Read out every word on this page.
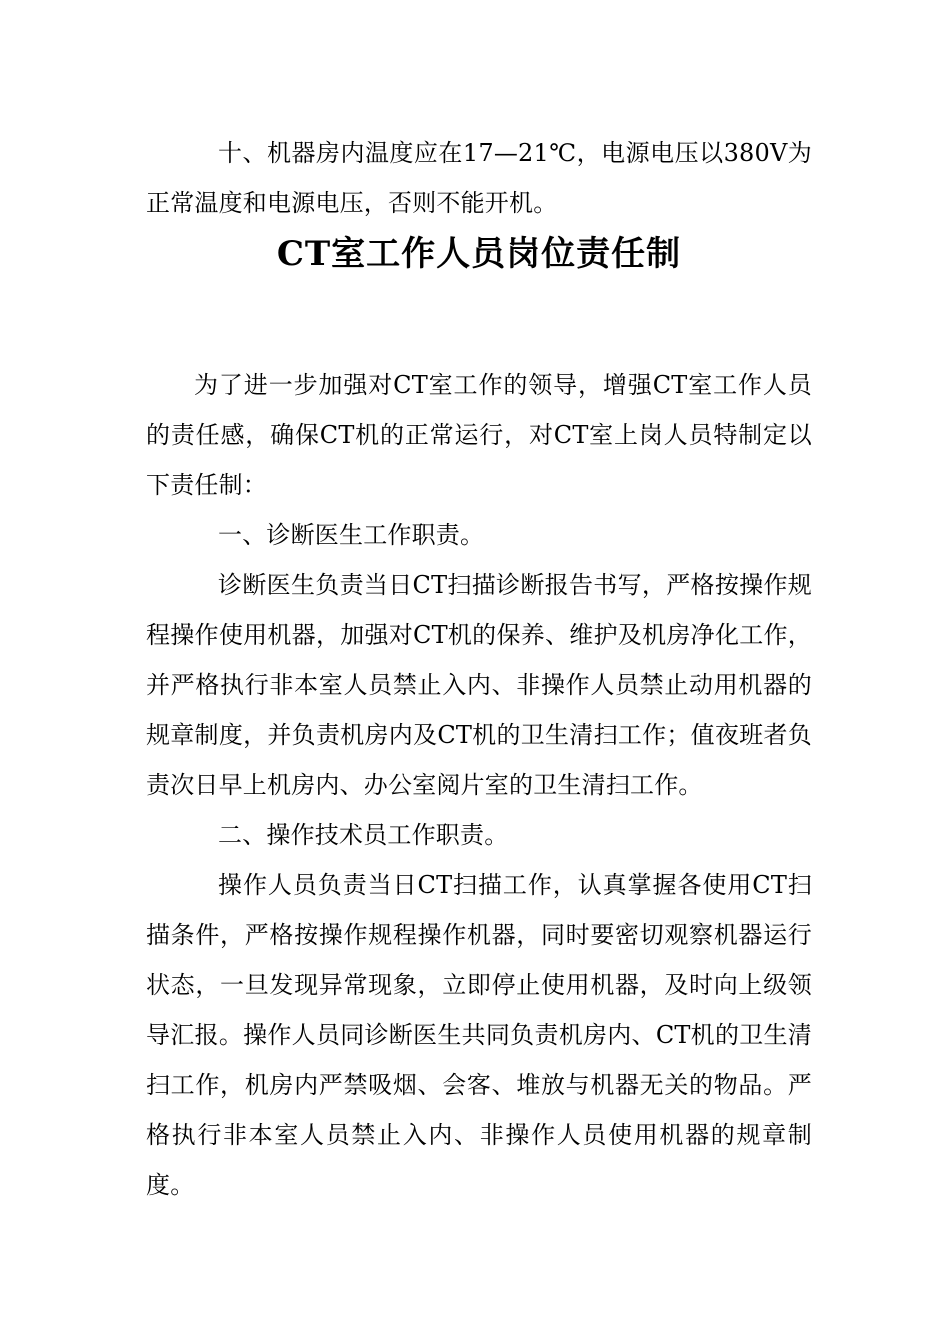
十、机器房内温度应在17—21℃，电源电压以380V为正常温度和电源电压，否则不能开机。

CT室工作人员岗位责任制

为了进一步加强对CT室工作的领导，增强CT室工作人员的责任感，确保CT机的正常运行，对CT室上岗人员特制定以下责任制：

一、诊断医生工作职责。

诊断医生负责当日CT扫描诊断报告书写，严格按操作规程操作使用机器，加强对CT机的保养、维护及机房净化工作，并严格执行非本室人员禁止入内、非操作人员禁止动用机器的规章制度，并负责机房内及CT机的卫生清扫工作；值夜班者负责次日早上机房内、办公室阅片室的卫生清扫工作。

二、操作技术员工作职责。

操作人员负责当日CT扫描工作，认真掌握各使用CT扫描条件，严格按操作规程操作机器，同时要密切观察机器运行状态，一旦发现异常现象，立即停止使用机器，及时向上级领导汇报。操作人员同诊断医生共同负责机房内、CT机的卫生清扫工作，机房内严禁吸烟、会客、堆放与机器无关的物品。严格执行非本室人员禁止入内、非操作人员使用机器的规章制度。
